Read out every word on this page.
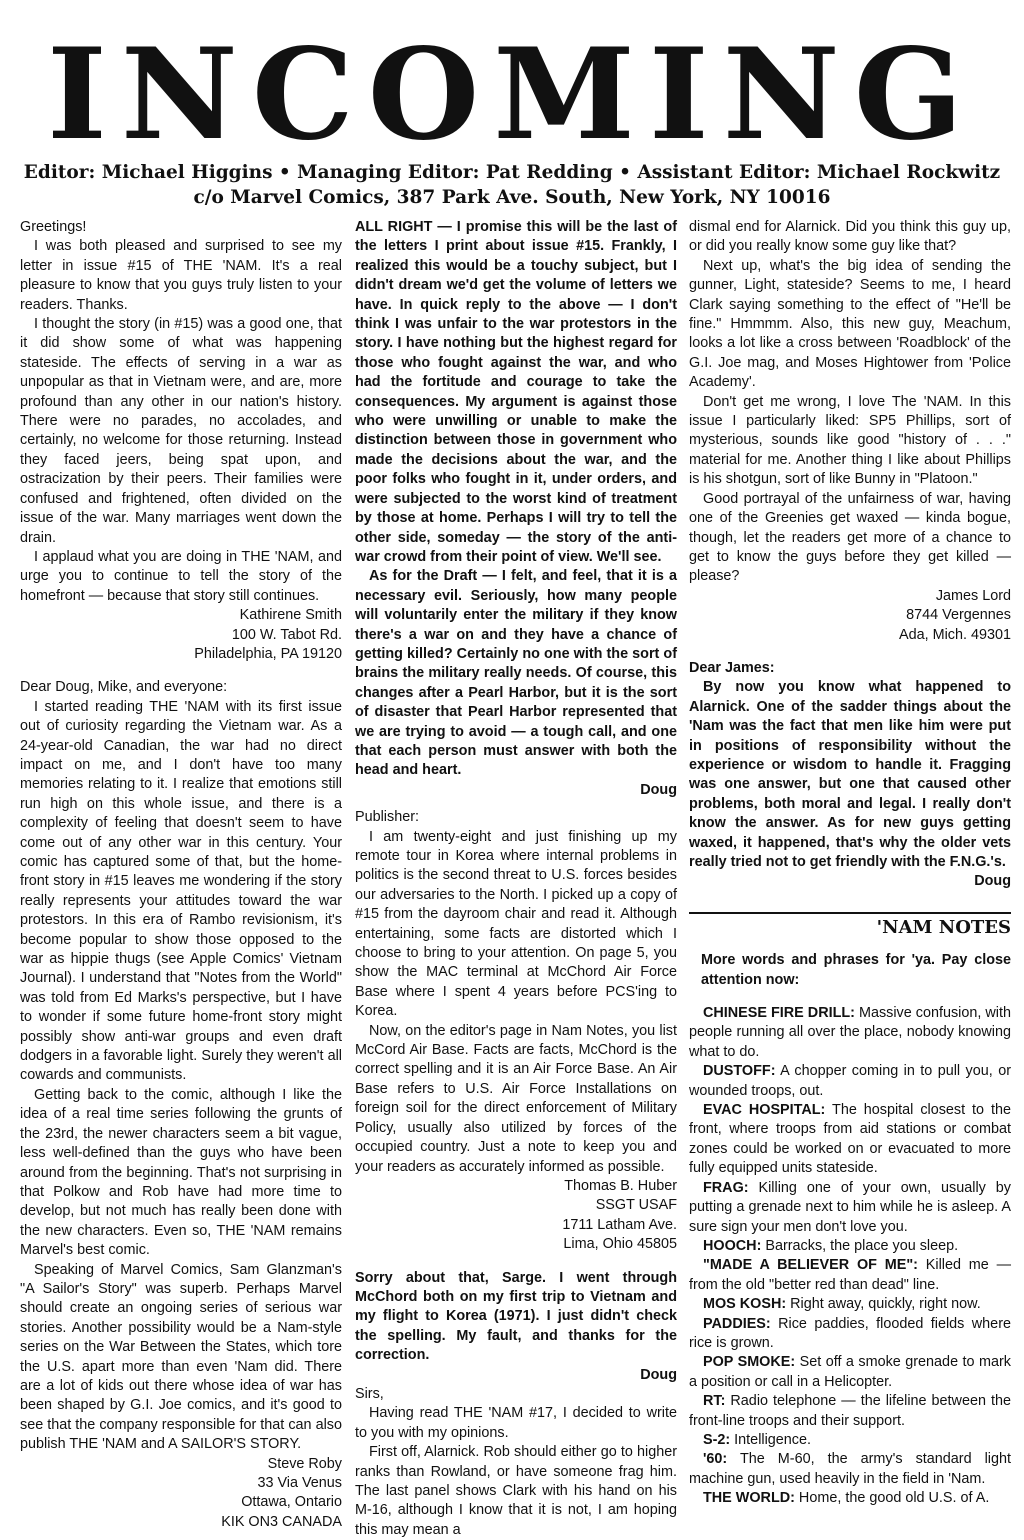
INCOMING
Editor: Michael Higgins • Managing Editor: Pat Redding • Assistant Editor: Michael Rockwitz
c/o Marvel Comics, 387 Park Ave. South, New York, NY 10016

Greetings!

I was both pleased and surprised to see my letter in issue #15 of THE 'NAM. It's a real pleasure to know that you guys truly listen to your readers. Thanks.

I thought the story (in #15) was a good one, that it did show some of what was happening stateside. The effects of serving in a war as unpopular as that in Vietnam were, and are, more profound than any other in our nation's history. There were no parades, no accolades, and certainly, no welcome for those returning. Instead they faced jeers, being spat upon, and ostracization by their peers. Their families were confused and frightened, often divided on the issue of the war. Many marriages went down the drain.

I applaud what you are doing in THE 'NAM, and urge you to continue to tell the story of the homefront — because that story still continues.

Kathirene Smith
100 W. Tabot Rd.
Philadelphia, PA 19120

Dear Doug, Mike, and everyone:

I started reading THE 'NAM with its first issue out of curiosity regarding the Vietnam war. As a 24-year-old Canadian, the war had no direct impact on me, and I don't have too many memories relating to it. I realize that emotions still run high on this whole issue, and there is a complexity of feeling that doesn't seem to have come out of any other war in this century. Your comic has captured some of that, but the home-front story in #15 leaves me wondering if the story really represents your attitudes toward the war protestors. In this era of Rambo revisionism, it's become popular to show those opposed to the war as hippie thugs (see Apple Comics' Vietnam Journal). I understand that "Notes from the World" was told from Ed Marks's perspective, but I have to wonder if some future home-front story might possibly show anti-war groups and even draft dodgers in a favorable light. Surely they weren't all cowards and communists.

Getting back to the comic, although I like the idea of a real time series following the grunts of the 23rd, the newer characters seem a bit vague, less well-defined than the guys who have been around from the beginning. That's not surprising in that Polkow and Rob have had more time to develop, but not much has really been done with the new characters. Even so, THE 'NAM remains Marvel's best comic.

Speaking of Marvel Comics, Sam Glanzman's "A Sailor's Story" was superb. Perhaps Marvel should create an ongoing series of serious war stories. Another possibility would be a Nam-style series on the War Between the States, which tore the U.S. apart more than even 'Nam did. There are a lot of kids out there whose idea of war has been shaped by G.I. Joe comics, and it's good to see that the company responsible for that can also publish THE 'NAM and A SAILOR'S STORY.

Steve Roby
33 Via Venus
Ottawa, Ontario
KIK ON3 CANADA

ALL RIGHT — I promise this will be the last of the letters I print about issue #15. Frankly, I realized this would be a touchy subject, but I didn't dream we'd get the volume of letters we have. In quick reply to the above — I don't think I was unfair to the war protestors in the story. I have nothing but the highest regard for those who fought against the war, and who had the fortitude and courage to take the consequences. My argument is against those who were unwilling or unable to make the distinction between those in government who made the decisions about the war, and the poor folks who fought in it, under orders, and were subjected to the worst kind of treatment by those at home. Perhaps I will try to tell the other side, someday — the story of the anti-war crowd from their point of view. We'll see.

As for the Draft — I felt, and feel, that it is a necessary evil. Seriously, how many people will voluntarily enter the military if they know there's a war on and they have a chance of getting killed? Certainly no one with the sort of brains the military really needs. Of course, this changes after a Pearl Harbor, but it is the sort of disaster that Pearl Harbor represented that we are trying to avoid — a tough call, and one that each person must answer with both the head and heart.

Doug

Publisher:

I am twenty-eight and just finishing up my remote tour in Korea where internal problems in politics is the second threat to U.S. forces besides our adversaries to the North. I picked up a copy of #15 from the dayroom chair and read it. Although entertaining, some facts are distorted which I choose to bring to your attention. On page 5, you show the MAC terminal at McChord Air Force Base where I spent 4 years before PCS'ing to Korea.

Now, on the editor's page in Nam Notes, you list McCord Air Base. Facts are facts, McChord is the correct spelling and it is an Air Force Base. An Air Base refers to U.S. Air Force Installations on foreign soil for the direct enforcement of Military Policy, usually also utilized by forces of the occupied country. Just a note to keep you and your readers as accurately informed as possible.

Thomas B. Huber
SSGT USAF
1711 Latham Ave.
Lima, Ohio 45805

Sorry about that, Sarge. I went through McChord both on my first trip to Vietnam and my flight to Korea (1971). I just didn't check the spelling. My fault, and thanks for the correction.

Doug

Sirs,

Having read THE 'NAM #17, I decided to write to you with my opinions.

First off, Alarnick. Rob should either go to higher ranks than Rowland, or have someone frag him. The last panel shows Clark with his hand on his M-16, although I know that it is not, I am hoping this may mean a

dismal end for Alarnick. Did you think this guy up, or did you really know some guy like that?

Next up, what's the big idea of sending the gunner, Light, stateside? Seems to me, I heard Clark saying something to the effect of "He'll be fine." Hmmmm. Also, this new guy, Meachum, looks a lot like a cross between 'Roadblock' of the G.I. Joe mag, and Moses Hightower from 'Police Academy'.

Don't get me wrong, I love The 'NAM. In this issue I particularly liked: SP5 Phillips, sort of mysterious, sounds like good "history of . . ." material for me. Another thing I like about Phillips is his shotgun, sort of like Bunny in "Platoon."

Good portrayal of the unfairness of war, having one of the Greenies get waxed — kinda bogue, though, let the readers get more of a chance to get to know the guys before they get killed — please?

James Lord
8744 Vergennes
Ada, Mich. 49301

Dear James:

By now you know what happened to Alarnick. One of the sadder things about the 'Nam was the fact that men like him were put in positions of responsibility without the experience or wisdom to handle it. Fragging was one answer, but one that caused other problems, both moral and legal. I really don't know the answer. As for new guys getting waxed, it happened, that's why the older vets really tried not to get friendly with the F.N.G.'s.

Doug
'NAM NOTES

More words and phrases for 'ya. Pay close attention now:

CHINESE FIRE DRILL: Massive confusion, with people running all over the place, nobody knowing what to do.

DUSTOFF: A chopper coming in to pull you, or wounded troops, out.

EVAC HOSPITAL: The hospital closest to the front, where troops from aid stations or combat zones could be worked on or evacuated to more fully equipped units stateside.

FRAG: Killing one of your own, usually by putting a grenade next to him while he is asleep. A sure sign your men don't love you.

HOOCH: Barracks, the place you sleep.

"MADE A BELIEVER OF ME": Killed me — from the old "better red than dead" line.

MOS KOSH: Right away, quickly, right now.

PADDIES: Rice paddies, flooded fields where rice is grown.

POP SMOKE: Set off a smoke grenade to mark a position or call in a Helicopter.

RT: Radio telephone — the lifeline between the front-line troops and their support.

S-2: Intelligence.

'60: The M-60, the army's standard light machine gun, used heavily in the field in 'Nam.

THE WORLD: Home, the good old U.S. of A.
